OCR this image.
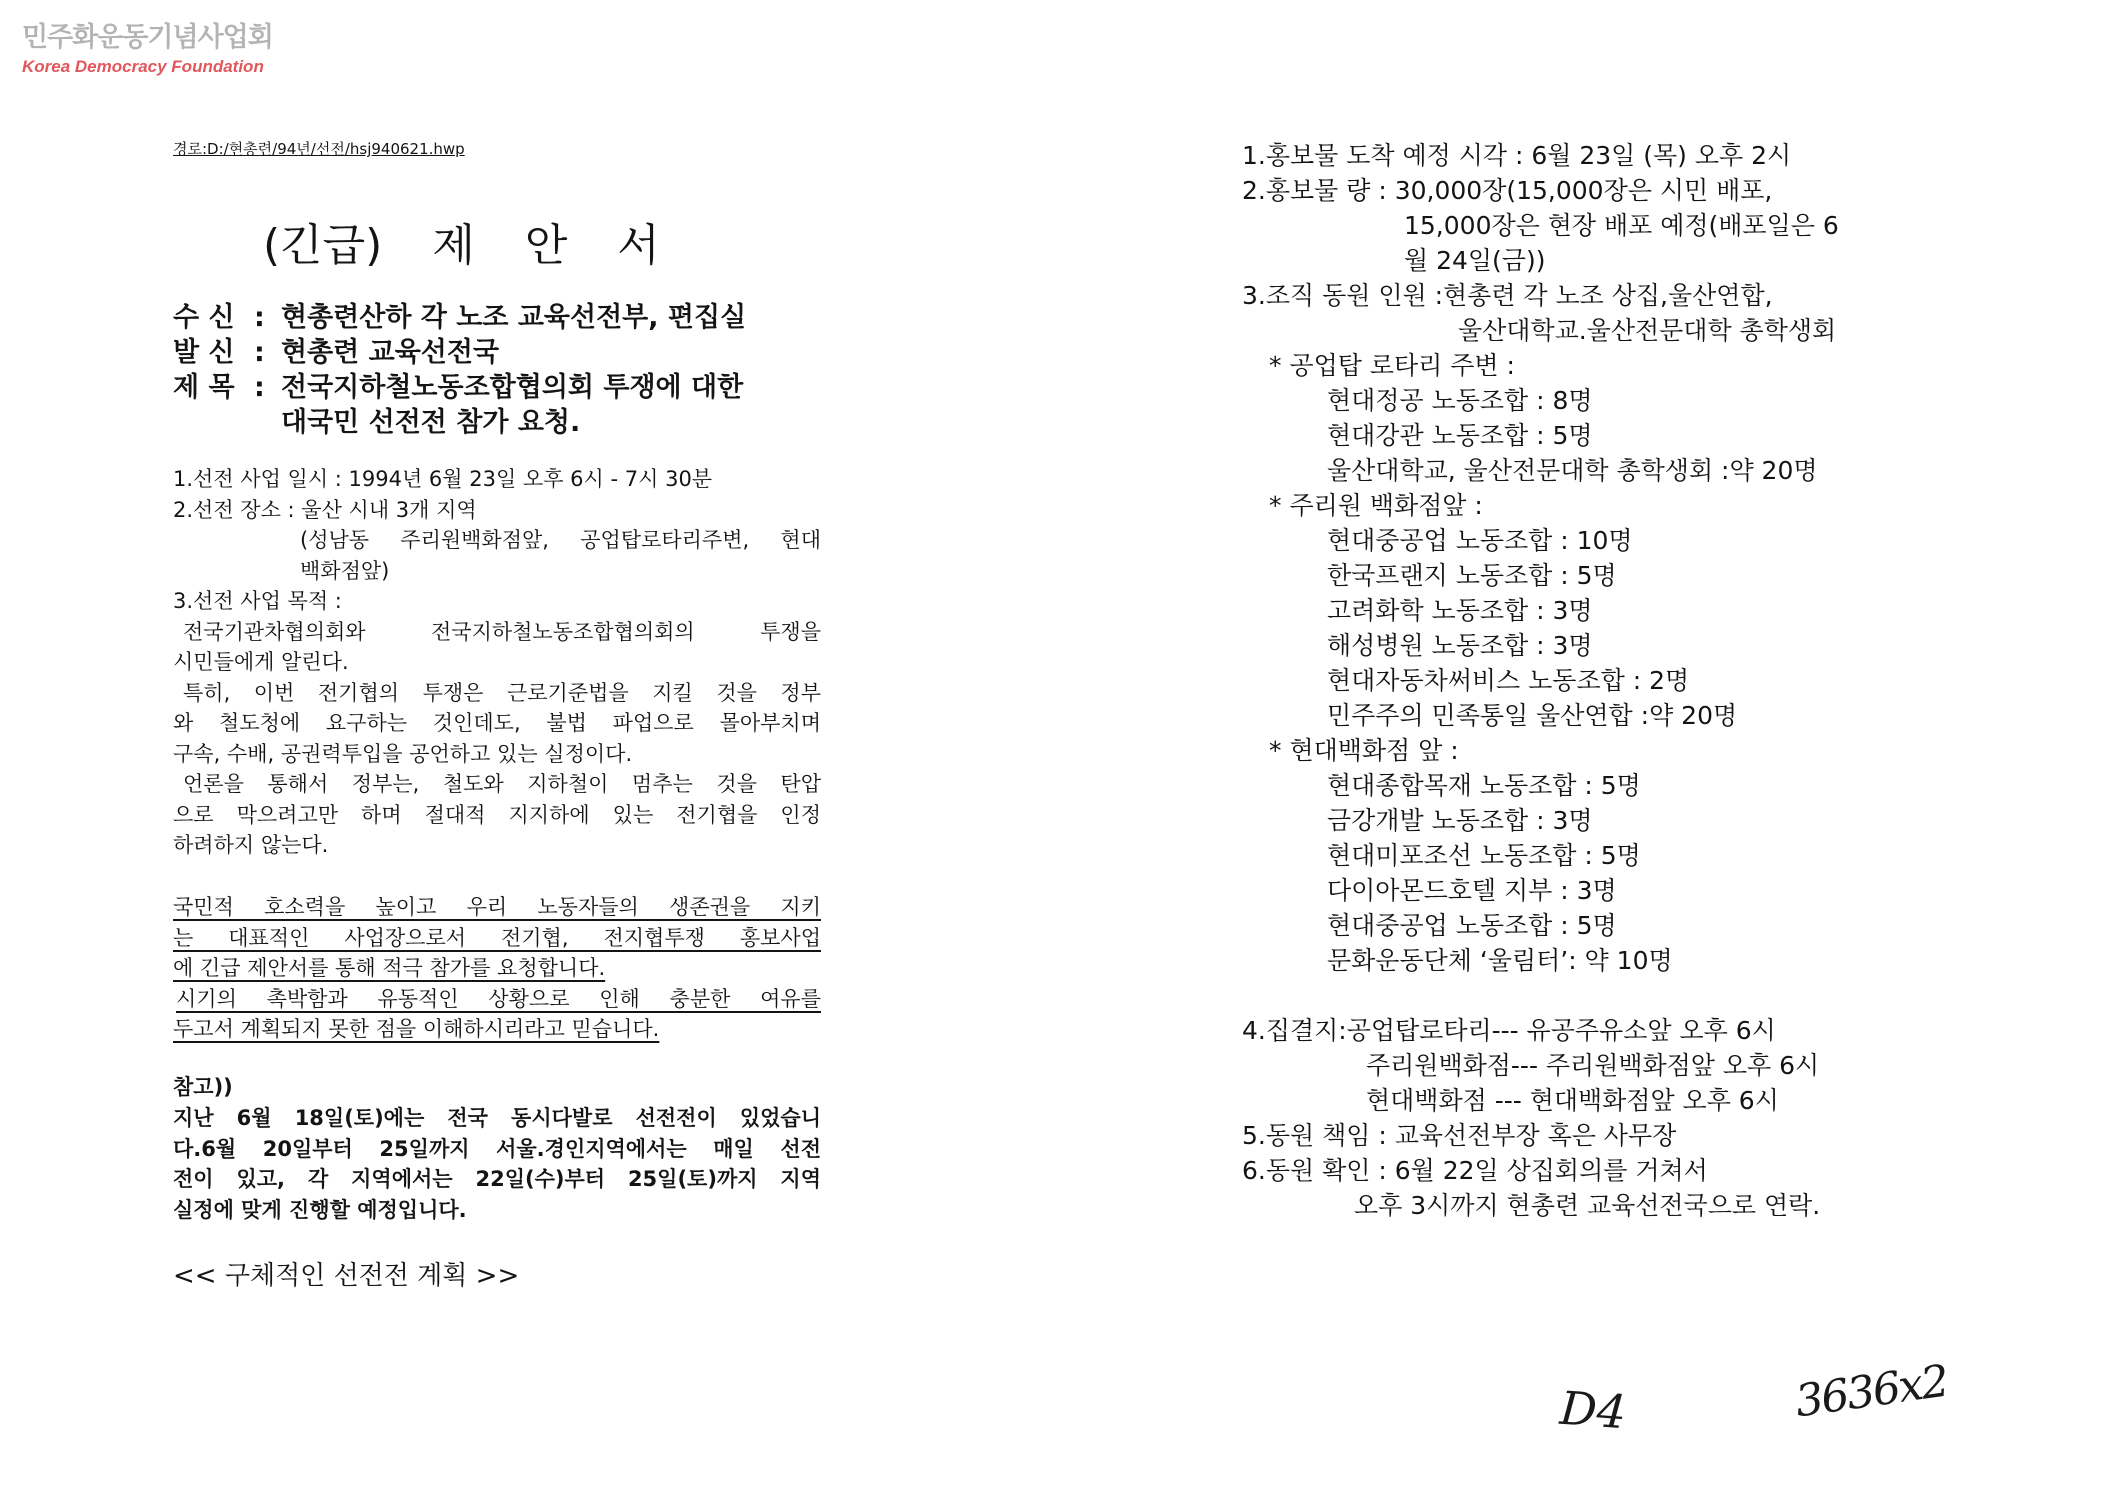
민주화운동기념사업회
Korea Democracy Foundation
경로:D:/현총련/94년/선전/hsj940621.hwp
(긴급) 제 안 서
수 신 : 현총련산하 각 노조 교육선전부, 편집실
발 신 : 현총련 교육선전국
제 목 : 전국지하철노동조합협의회 투쟁에 대한
대국민 선전전 참가 요청.
1.선전 사업 일시 : 1994년 6월 23일 오후 6시 - 7시 30분
2.선전 장소 : 울산 시내 3개 지역
(성남동 주리원백화점앞, 공업탑로타리주변, 현대
백화점앞)
3.선전 사업 목적 :
전국기관차협의회와 전국지하철노동조합협의회의 투쟁을
시민들에게 알린다.
특히, 이번 전기협의 투쟁은 근로기준법을 지킬 것을 정부
와 철도청에 요구하는 것인데도, 불법 파업으로 몰아부치며
구속, 수배, 공권력투입을 공언하고 있는 실정이다.
언론을 통해서 정부는, 철도와 지하철이 멈추는 것을 탄압
으로 막으려고만 하며 절대적 지지하에 있는 전기협을 인정
하려하지 않는다.
국민적 호소력을 높이고 우리 노동자들의 생존권을 지키
는 대표적인 사업장으로서 전기협, 전지협투쟁 홍보사업
에 긴급 제안서를 통해 적극 참가를 요청합니다.
시기의 촉박함과 유동적인 상황으로 인해 충분한 여유를
두고서 계획되지 못한 점을 이해하시리라고 믿습니다.
참고))
지난 6월 18일(토)에는 전국 동시다발로 선전전이 있었습니
다.6월 20일부터 25일까지 서울.경인지역에서는 매일 선전
전이 있고, 각 지역에서는 22일(수)부터 25일(토)까지 지역
실정에 맞게 진행할 예정입니다.
<< 구체적인 선전전 계획 >>
1.홍보물 도착 예정 시각 : 6월 23일 (목) 오후 2시
2.홍보물 량 : 30,000장(15,000장은 시민 배포,
15,000장은 현장 배포 예정(배포일은 6
월 24일(금))
3.조직 동원 인원 :현총련 각 노조 상집,울산연합,
울산대학교.울산전문대학 총학생회
* 공업탑 로타리 주변 :
현대정공 노동조합 : 8명
현대강관 노동조합 : 5명
울산대학교, 울산전문대학 총학생회 :약 20명
* 주리원 백화점앞 :
현대중공업 노동조합 : 10명
한국프랜지 노동조합 : 5명
고려화학 노동조합 : 3명
해성병원 노동조합 : 3명
현대자동차써비스 노동조합 : 2명
민주주의 민족통일 울산연합 :약 20명
* 현대백화점 앞 :
현대종합목재 노동조합 : 5명
금강개발 노동조합 : 3명
현대미포조선 노동조합 : 5명
다이아몬드호텔 지부 : 3명
현대중공업 노동조합 : 5명
문화운동단체 ‘울림터’: 약 10명
4.집결지:공업탑로타리--- 유공주유소앞 오후 6시
주리원백화점--- 주리원백화점앞 오후 6시
현대백화점 --- 현대백화점앞 오후 6시
5.동원 책임 : 교육선전부장 혹은 사무장
6.동원 확인 : 6월 22일 상집회의를 거쳐서
오후 3시까지 현총련 교육선전국으로 연락.
D4	3636x2
